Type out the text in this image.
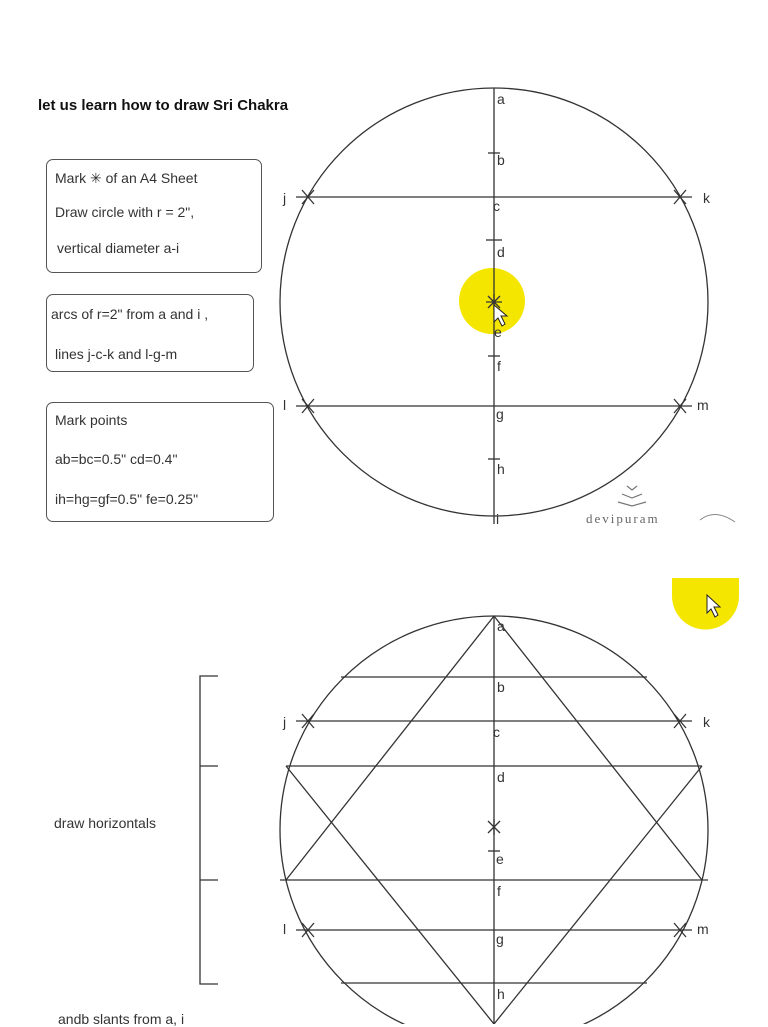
let us learn how to draw Sri Chakra
Mark ✳ of an A4 Sheet
Draw circle with r = 2",
vertical diameter a-i
arcs of r=2" from a and i ,
lines j-c-k and l-g-m
Mark points
ab=bc=0.5" cd=0.4"
ih=hg=gf=0.5" fe=0.25"
draw horizontals
andb slants from a, i
a
b
c
d
e
f
g
h
i
j	k
l	m
devipuram
a
b
c
d
e
f
g
h
j	k
l	m
